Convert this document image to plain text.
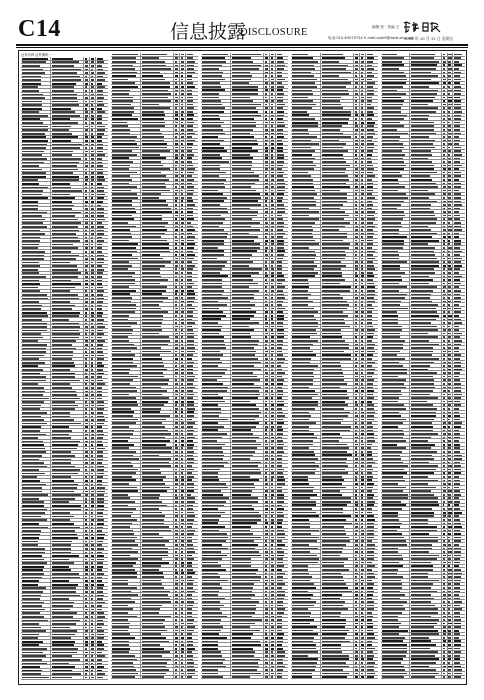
C14	信息披露
DISCLOSURE	编辑 张 · 美编 王
电话:010-63070754 E-mail:zqrb9@zqrb.sina.net
2008 年 10 月 31 日 星期五
证券代码 证券简称 · · ·
